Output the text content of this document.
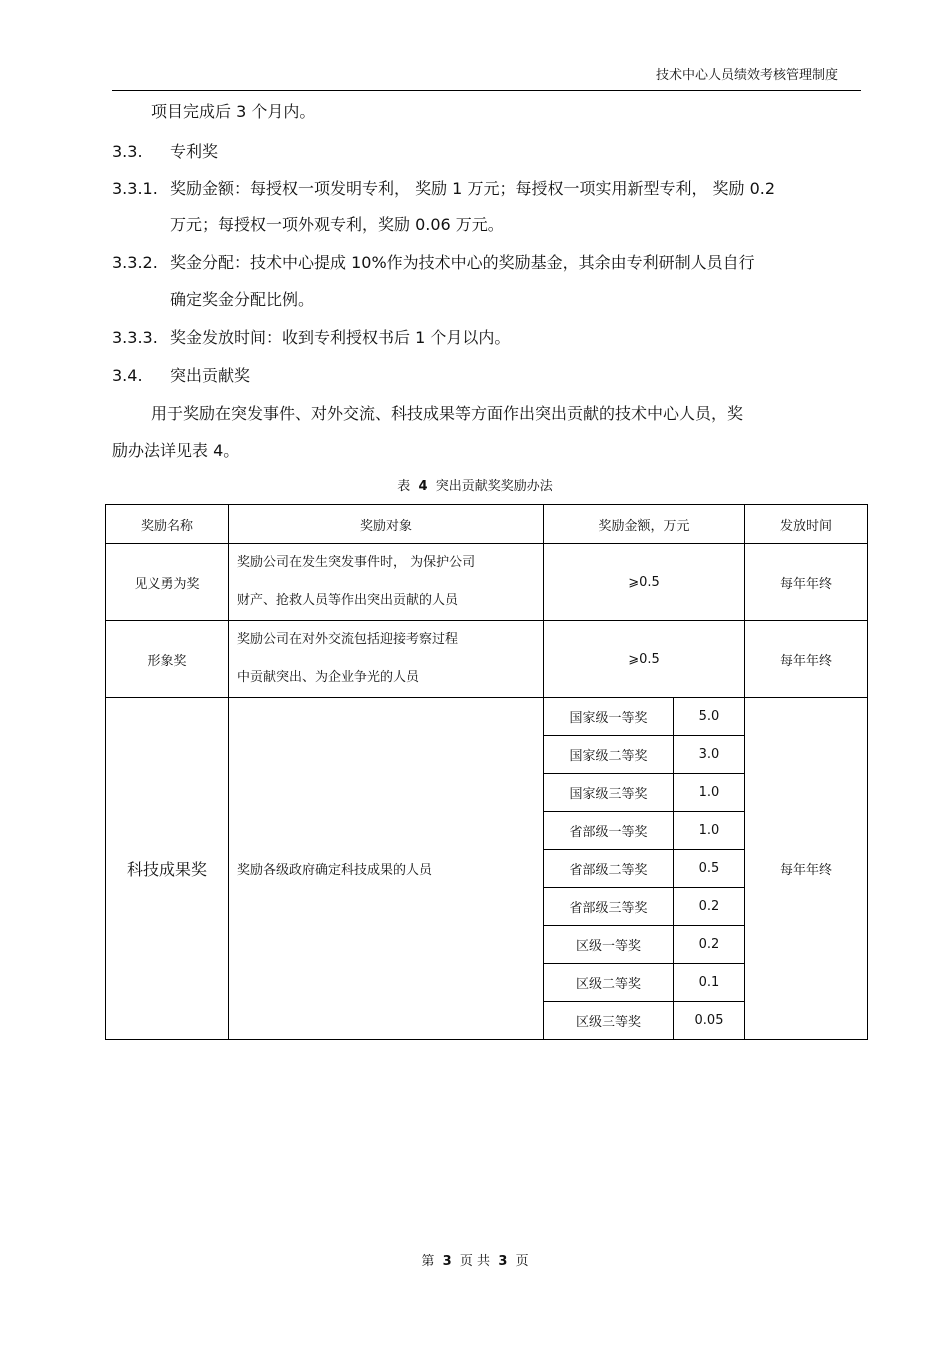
技术中心人员绩效考核管理制度
项目完成后 3 个月内。
3.3. 专利奖
3.3.1. 奖励金额：每授权一项发明专利， 奖励 1 万元；每授权一项实用新型专利， 奖励 0.2
万元；每授权一项外观专利，奖励 0.06 万元。
3.3.2. 奖金分配：技术中心提成 10%作为技术中心的奖励基金，其余由专利研制人员自行
确定奖金分配比例。
3.3.3. 奖金发放时间：收到专利授权书后 1 个月以内。
3.4. 突出贡献奖
用于奖励在突发事件、对外交流、科技成果等方面作出突出贡献的技术中心人员，奖
励办法详见表 4。
表 4 突出贡献奖奖励办法
奖励名称	奖励对象	奖励金额，万元		发放时间
见义勇为奖	奖励公司在发生突发事件时， 为保护公司
财产、抢救人员等作出突出贡献的人员	⩾0.5		每年年终
形象奖	奖励公司在对外交流包括迎接考察过程
中贡献突出、为企业争光的人员	⩾0.5		每年年终
科技成果奖	奖励各级政府确定科技成果的人员	国家级一等奖	5.0	每年年终
		国家级二等奖	3.0	
		国家级三等奖	1.0	
		省部级一等奖	1.0	
		省部级二等奖	0.5	
		省部级三等奖	0.2	
		区级一等奖	0.2	
		区级二等奖	0.1	
		区级三等奖	0.05	
第 3 页 共 3 页
